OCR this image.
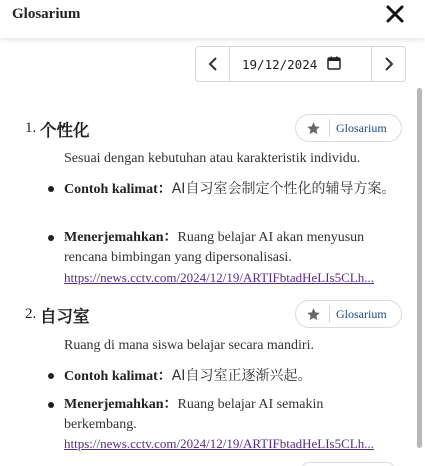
Glosarium
19/12/2024
1. 个性化	Glosarium
Sesuai dengan kebutuhan atau karakteristik individu.
Contoh kalimat：AI自习室会制定个性化的辅导方案。
Menerjemahkan：Ruang belajar AI akan menyusun rencana bimbingan yang dipersonalisasi.
https://news.cctv.com/2024/12/19/ARTIFbtadHeLIs5CLh...
2. 自习室	Glosarium
Ruang di mana siswa belajar secara mandiri.
Contoh kalimat：AI自习室正逐渐兴起。
Menerjemahkan：Ruang belajar AI semakin berkembang.
https://news.cctv.com/2024/12/19/ARTIFbtadHeLIs5CLh...
